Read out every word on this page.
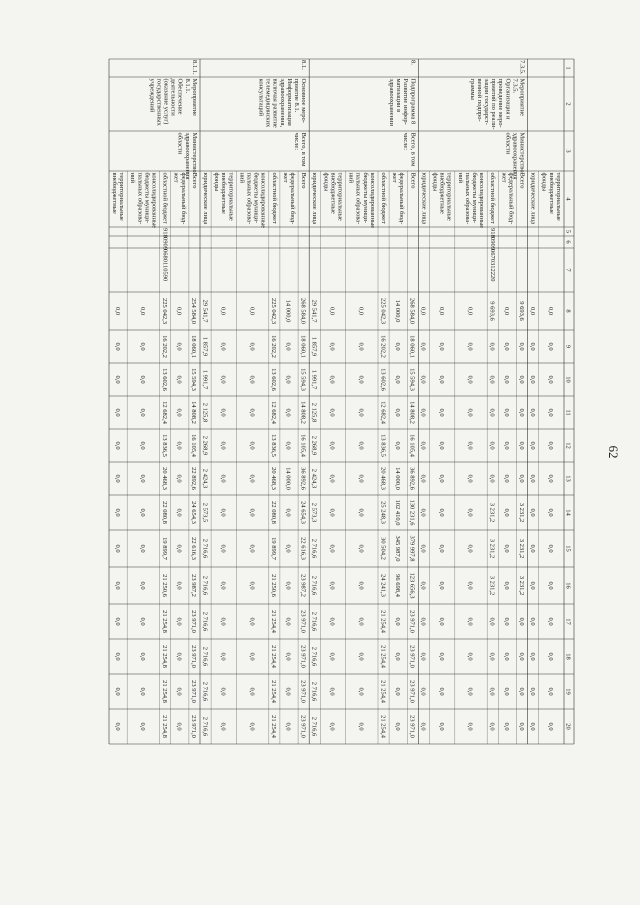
62
1
2
3
4
5
6
7
8
9
10
11
12
13
14
15
16
17
18
19
20
территориальные
внебюджетные
фонды
0,0
0,0
0,0
0,0
0,0
0,0
0,0
0,0
0,0
0,0
0,0
0,0
0,0
юридические лица
0,0
0,0
0,0
0,0
0,0
0,0
0,0
0,0
0,0
0,0
0,0
0,0
0,0
Всего
9 693,6
0,0
0,0
0,0
0,0
0,0
3 231,2
3 231,2
3 231,2
0,0
0,0
0,0
0,0
федеральный бюд-
жет
0,0
0,0
0,0
0,0
0,0
0,0
0,0
0,0
0,0
0,0
0,0
0,0
0,0
областной бюджет
918
0909
0670312220
9 693,6
0,0
0,0
0,0
0,0
0,0
3 231,2
3 231,2
3 231,2
0,0
0,0
0,0
0,0
консолидированные
бюджеты муници-
пальных образова-
ний
0,0
0,0
0,0
0,0
0,0
0,0
0,0
0,0
0,0
0,0
0,0
0,0
0,0
территориальные
внебюджетные
фонды
0,0
0,0
0,0
0,0
0,0
0,0
0,0
0,0
0,0
0,0
0,0
0,0
0,0
юридические лица
0,0
0,0
0,0
0,0
0,0
0,0
0,0
0,0
0,0
0,0
0,0
0,0
0,0
7.3.5.
Мероприятие
7.3.5.
Организация и
проведение меро-
приятий по реали-
зации государст-
венной подпро-
граммы
Министерство
здравоохранения
области
Всего
268 584,0
18 060,1
15 594,3
14 808,2
16 105,4
36 892,6
130 231,6
379 997,8
123 656,3
23 971,0
23 971,0
23 971,0
23 971,0
федеральный бюд-
жет
14 000,0
0,0
0,0
0,0
0,0
14 000,0
102 410,0
345 987,0
96 698,4
0,0
0,0
0,0
0,0
областной бюджет
225 042,3
16 202,2
13 602,6
12 682,4
13 836,5
20 468,3
25 248,3
30 504,2
24 241,3
21 254,4
21 254,4
21 254,4
21 254,4
консолидированные
бюджеты муници-
пальных образова-
ний
0,0
0,0
0,0
0,0
0,0
0,0
0,0
0,0
0,0
0,0
0,0
0,0
0,0
территориальные
внебюджетные
фонды
0,0
0,0
0,0
0,0
0,0
0,0
0,0
0,0
0,0
0,0
0,0
0,0
0,0
юридические лица
29 541,7
1 857,9
1 991,7
2 125,8
2 268,9
2 424,3
2 573,3
2 716,6
2 716,6
2 716,6
2 716,6
2 716,6
2 716,6
8.
Подпрограмма 8
Развитие инфор-
матизации в
здравоохранении
Всего, в том
числе:
Всего
268 584,0
18 060,1
15 594,3
14 808,2
16 105,4
36 892,6
24 654,3
22 616,3
23 987,2
23 971,0
23 971,0
23 971,0
23 971,0
федеральный бюд-
жет
14 000,0
0,0
0,0
0,0
0,0
14 000,0
0,0
0,0
0,0
0,0
0,0
0,0
0,0
областной бюджет
225 042,3
16 202,2
13 602,6
12 682,4
13 836,5
20 468,3
22 080,8
19 899,7
21 250,6
21 254,4
21 254,4
21 254,4
21 254,4
консолидированные
бюджеты муници-
пальных образова-
ний
0,0
0,0
0,0
0,0
0,0
0,0
0,0
0,0
0,0
0,0
0,0
0,0
0,0
территориальные
внебюджетные
фонды
0,0
0,0
0,0
0,0
0,0
0,0
0,0
0,0
0,0
0,0
0,0
0,0
0,0
юридические лица
29 541,7
1 857,9
1 991,7
2 125,8
2 268,9
2 424,3
2 573,5
2 716,6
2 716,6
2 716,6
2 716,6
2 716,6
2 716,6
8.1.
Основное меро-
приятие 8.1.
Информатизация
здравоохранения,
включая развитие
телемедицинских
консультаций
Всего, в том
числе:
Всего
254 584,0
18 060,1
15 594,3
14 808,2
16 105,4
22 892,6
24 654,3
22 616,3
23 987,2
23 971,0
23 971,0
23 971,0
23 971,0
федеральный бюд-
жет
0,0
0,0
0,0
0,0
0,0
0,0
0,0
0,0
0,0
0,0
0,0
0,0
0,0
областной бюджет
918
0909
0680110590
225 042,3
16 202,2
13 602,6
12 682,4
13 836,5
20 468,3
22 080,8
19 899,7
21 250,6
21 254,8
21 254,8
21 254,8
21 254,8
консолидированные
бюджеты муници-
пальных образова-
ний
0,0
0,0
0,0
0,0
0,0
0,0
0,0
0,0
0,0
0,0
0,0
0,0
0,0
территориальные
внебюджетные
0,0
0,0
0,0
0,0
0,0
0,0
0,0
0,0
0,0
0,0
0,0
0,0
0,0
8.1.1.
Мероприятие
8.1.1.
Обеспечение
деятельности
(оказание услуг)
государственных
учреждений
Министерство
здравоохранения
области
